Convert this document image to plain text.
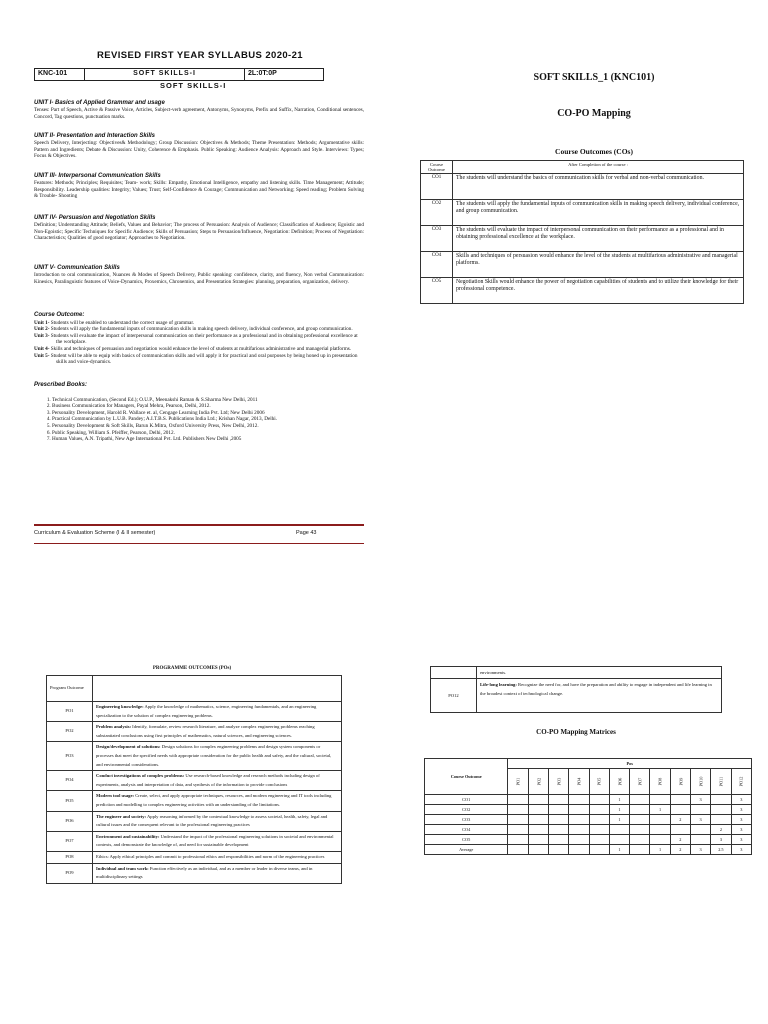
REVISED FIRST YEAR SYLLABUS 2020-21
KNC-101	SOFT SKILLS-I	2L:0T:0P
SOFT SKILLS-I
UNIT I- Basics of Applied Grammar and usage

Tenses: Part of Speech, Active & Passive Voice, Articles, Subject-verb agreement, Antonyms, Synonyms, Prefix and Suffix, Narration, Conditional sentences, Concord, Tag questions, punctuation marks.

UNIT II- Presentation and Interaction Skills

Speech Delivery, Interjecting: Objectives& Methodology; Group Discussion: Objectives & Methods; Theme Presentation: Methods; Argumentative skills: Pattern and Ingredients; Debate & Discussion: Unity, Coherence & Emphasis. Public Speaking: Audience Analysis: Approach and Style. Interviews: Types; Focus & Objectives.

UNIT III- Interpersonal Communication Skills

Features: Methods; Principles; Requisites; Team- work; Skills: Empathy, Emotional Intelligence, empathy and listening skills. Time Management; Attitude; Responsibility. Leadership qualities: Integrity; Values; Trust; Self-Confidence & Courage; Communication and Networking; Speed reading; Problem Solving & Trouble- Shooting

UNIT IV- Persuasion and Negotiation Skills

Definition; Understanding Attitude; Beliefs, Values and Behavior; The process of Persuasion: Analysis of Audience; Classification of Audience; Egoistic and Non-Egoistic; Specific Techniques for Specific Audience; Skills of Persuasion; Steps to Persuasion/Influence, Negotiation: Definition; Process of Negotiation: Characteristics; Qualities of good negotiator; Approaches to Negotiation.

UNIT V- Communication Skills

Introduction to oral communication, Nuances & Modes of Speech Delivery, Public speaking: confidence, clarity, and fluency, Non verbal Communication: Kinesics, Paralinguistic features of Voice-Dynamics, Proxemics, Chronemics, and Presentation Strategies: planning, preparation, organization, delivery.

Course Outcome:
Unit 1- Students will be enabled to understand the correct usage of grammar.
Unit 2- Students will apply the fundamental inputs of communication skills in making speech delivery, individual conference, and group communication.
Unit 3- Students will evaluate the impact of interpersonal communication on their performance as a professional and in obtaining professional excellence at the workplace.
Unit 4- Skills and techniques of persuasion and negotiation would enhance the level of students at multifarious administrative and managerial platforms.
Unit 5- Student will be able to equip with basics of communication skills and will apply it for practical and oral purposes by being honed up in presentation skills and voice-dynamics.
Prescribed Books:
1. Technical Communication, (Second Ed.); O.U.P., Meenakshi Raman & S.Sharma New Delhi, 2011
2. Business Communication for Managers, Payal Mehra, Pearson, Delhi, 2012.
3. Personality Development, Harold R. Wallace et. al, Cengage Learning India Pvt. Ltd; New Delhi 2006
4. Practical Communication by L.U.B. Pandey; A.I.T.B.S. Publications India Ltd.; Krishan Nagar, 2013, Delhi.
5. Personality Development & Soft Skills, Barun K.Mitra, Oxford University Press, New Delhi, 2012.
6. Public Speaking, William S. Pfeiffer, Pearson, Delhi, 2012.
7. Human Values, A.N. Tripathi, New Age International Pvt. Ltd. Publishers New Delhi ,2005
Curriculum & Evaluation Scheme (I & II semester)	Page 43
SOFT SKILLS_1 (KNC101)
CO-PO Mapping
Course Outcomes (COs)
Course Outcome	After Completion of the course :
CO1	The students will understand the basics of communication skills for verbal and non-verbal communication.
CO2	The students will apply the fundamental inputs of communication skills in making speech delivery, individual conference, and group communication.
CO3	The students will evaluate the impact of interpersonal communication on their performance as a professional and in obtaining professional excellence at the workplace.
CO4	Skills and techniques of persuasion would enhance the level of the students at multifarious administrative and managerial platforms.
CO5	Negotiation Skills would enhance the power of negotiation capabilities of students and to utilize their knowledge for their professional competence.
PROGRAMME OUTCOMES (POs)
Program Outcome	
PO1	Engineering knowledge: Apply the knowledge of mathematics, science, engineering fundamentals, and an engineering specialization to the solution of complex engineering problems.
PO2	Problem analysis: Identify, formulate, review research literature, and analyze complex engineering problems reaching substantiated conclusions using first principles of mathematics, natural sciences, and engineering sciences.
PO3	Design/development of solutions: Design solutions for complex engineering problems and design system components or processes that meet the specified needs with appropriate consideration for the public health and safety, and the cultural, societal, and environmental considerations.
PO4	Conduct investigations of complex problems: Use research-based knowledge and research methods including design of experiments, analysis and interpretation of data, and synthesis of the information to provide conclusions
PO5	Modern tool usage: Create, select, and apply appropriate techniques, resources, and modern engineering and IT tools including prediction and modelling to complex engineering activities with an understanding of the limitations.
PO6	The engineer and society: Apply reasoning informed by the contextual knowledge to assess societal, health, safety, legal and cultural issues and the consequent relevant to the professional engineering practices
PO7	Environment and sustainability: Understand the impact of the professional engineering solutions in societal and environmental contexts, and demonstrate the knowledge of, and need for sustainable development
PO8	Ethics: Apply ethical principles and commit to professional ethics and responsibilities and norm of the engineering practices
PO9	Individual and team work: Function effectively as an individual, and as a member or leader in diverse teams, and in multidisciplinary settings
	environments.
PO12	Life-long learning: Recognize the need for, and have the preparation and ability to engage in independent and life learning in the broadest context of technological change.
CO-PO Mapping Matrices
Course Outcome	Pos											
	PO1	PO2	PO3	PO4	PO5	PO6	PO7	PO8	PO9	PO10	PO11	PO12
CO1						1				3		3
CO2						1		1				3
CO3						1			2	3		3
CO4											2	3
CO5									2		3	3
Average						1		1	2	3	2.5	3
